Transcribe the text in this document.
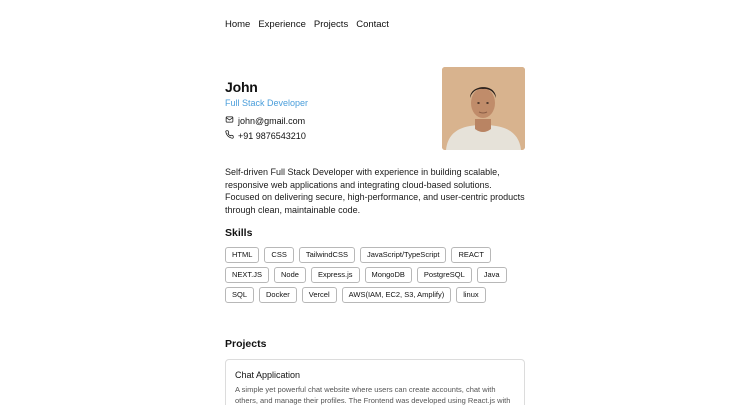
Home Experience Projects Contact
John
Full Stack Developer
john@gmail.com
+91 9876543210

Self-driven Full Stack Developer with experience in building scalable, responsive web applications and integrating cloud-based solutions. Focused on delivering secure, high-performance, and user-centric products through clean, maintainable code.

Skills
HTML	CSS	TailwindCSS	JavaScript/TypeScript	REACT
NEXT.JS	Node	Express.js	MongoDB	PostgreSQL	Java
SQL	Docker	Vercel	AWS(IAM, EC2, S3, Amplify)	linux
Projects
Chat Application
A simple yet powerful chat website where users can create accounts, chat with others, and manage their profiles. The Frontend was developed using React.js with
